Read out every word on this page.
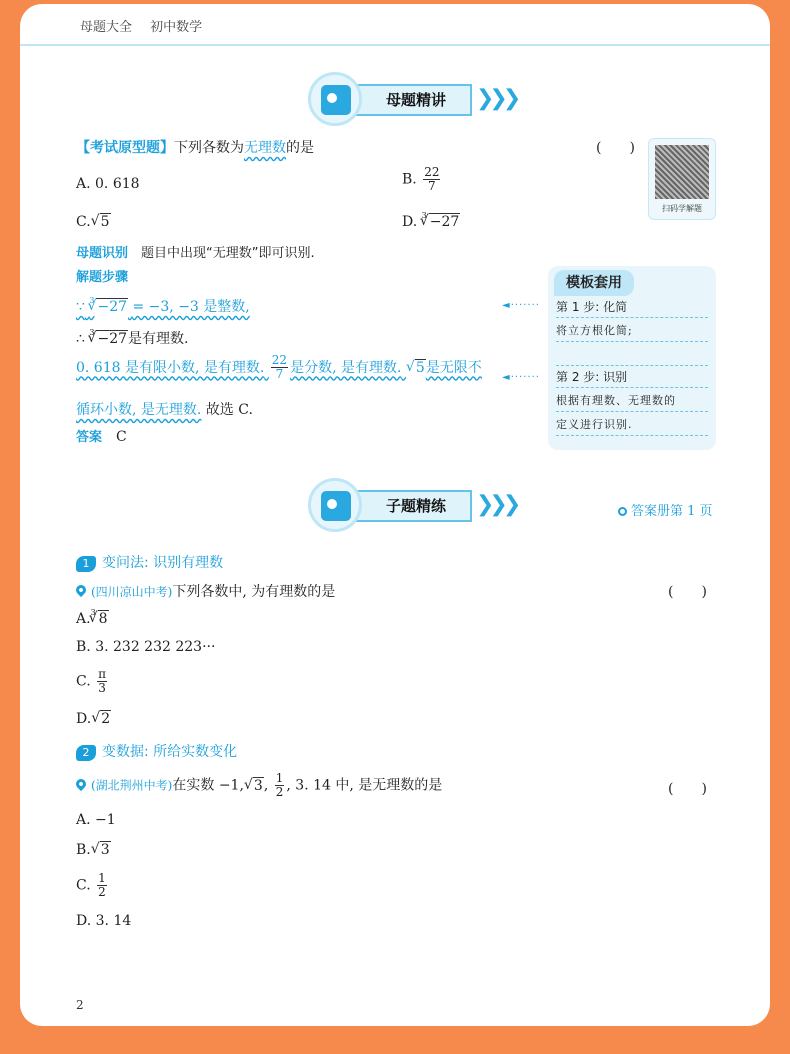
母题大全 初中数学
母题精讲	❯❯❯
【考试原型题】下列各数为无理数的是	(　　)
A. 0. 618	B. $\frac{22}{7}$
C. √ 5	D. $^3$ √ −27
扫码学解题
母题识别　 题目中出现“无理数”即可识别.
解题步骤
∵ $^3$ √ −27 = −3, −3 是整数,
∴ $^3$ √ −27是有理数.
0. 618 是有限小数, 是有理数. $\frac{22}{7}$ 是分数, 是有理数. √ 5是无限不
循环小数, 是无理数. 故选 C.
答案　 C
◄·······
◄·······
模板套用
第 1 步: 化简
将立方根化简;
第 2 步: 识别
根据有理数、无理数的
定义进行识别.
子题精练	❯❯❯	答案册第 1 页
1 变问法: 识别有理数
(四川凉山中考)下列各数中, 为有理数的是	(　　)
A.$^3$ √ 8
B. 3. 232 232 223···
C. $\frac{\pi}{3}$
D. √ 2
2 变数据: 所给实数变化
(湖北荆州中考)在实数 −1, √ 3, $\frac{1}{2}$ , 3. 14 中, 是无理数的是	(　　)
A. −1
B. √ 3
C. $\frac{1}{2}$
D. 3. 14
2
